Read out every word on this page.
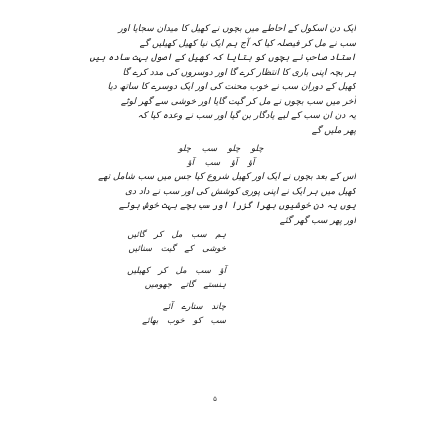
ایک دن اسکول کے احاطے میں بچوں نے کھیل کا میدان سجایا اور
سب نے مل کر فیصلہ کیا کہ آج ہم ایک نیا کھیل کھیلیں گے
استاد صاحب نے بچوں کو بتایا کہ کھیل کے اصول بہت سادہ ہیں
ہر بچہ اپنی باری کا انتظار کرے گا اور دوسروں کی مدد کرے گا
کھیل کے دوران سب نے خوب محنت کی اور ایک دوسرے کا ساتھ دیا
آخر میں سب بچوں نے مل کر گیت گایا اور خوشی سے گھر لوٹے
یہ دن ان سب کے لیے یادگار بن گیا اور سب نے وعدہ کیا کہ
پھر ملیں گے
چلو چلو سب چلو
آؤ آؤ سب آؤ
اس کے بعد بچوں نے ایک اور کھیل شروع کیا جس میں سب شامل تھے
کھیل میں ہر ایک نے اپنی پوری کوشش کی اور سب نے داد دی
یوں یہ دن خوشیوں بھرا گزرا اور سب بچے بہت خوش ہوئے
اور پھر سب گھر گئے
ہم سب مل کر گائیں
خوشی کے گیت سنائیں
آؤ سب مل کر کھیلیں
ہنستے گاتے جھومیں
چاند ستارے آئے
سب کو خوب بھائے
۵
